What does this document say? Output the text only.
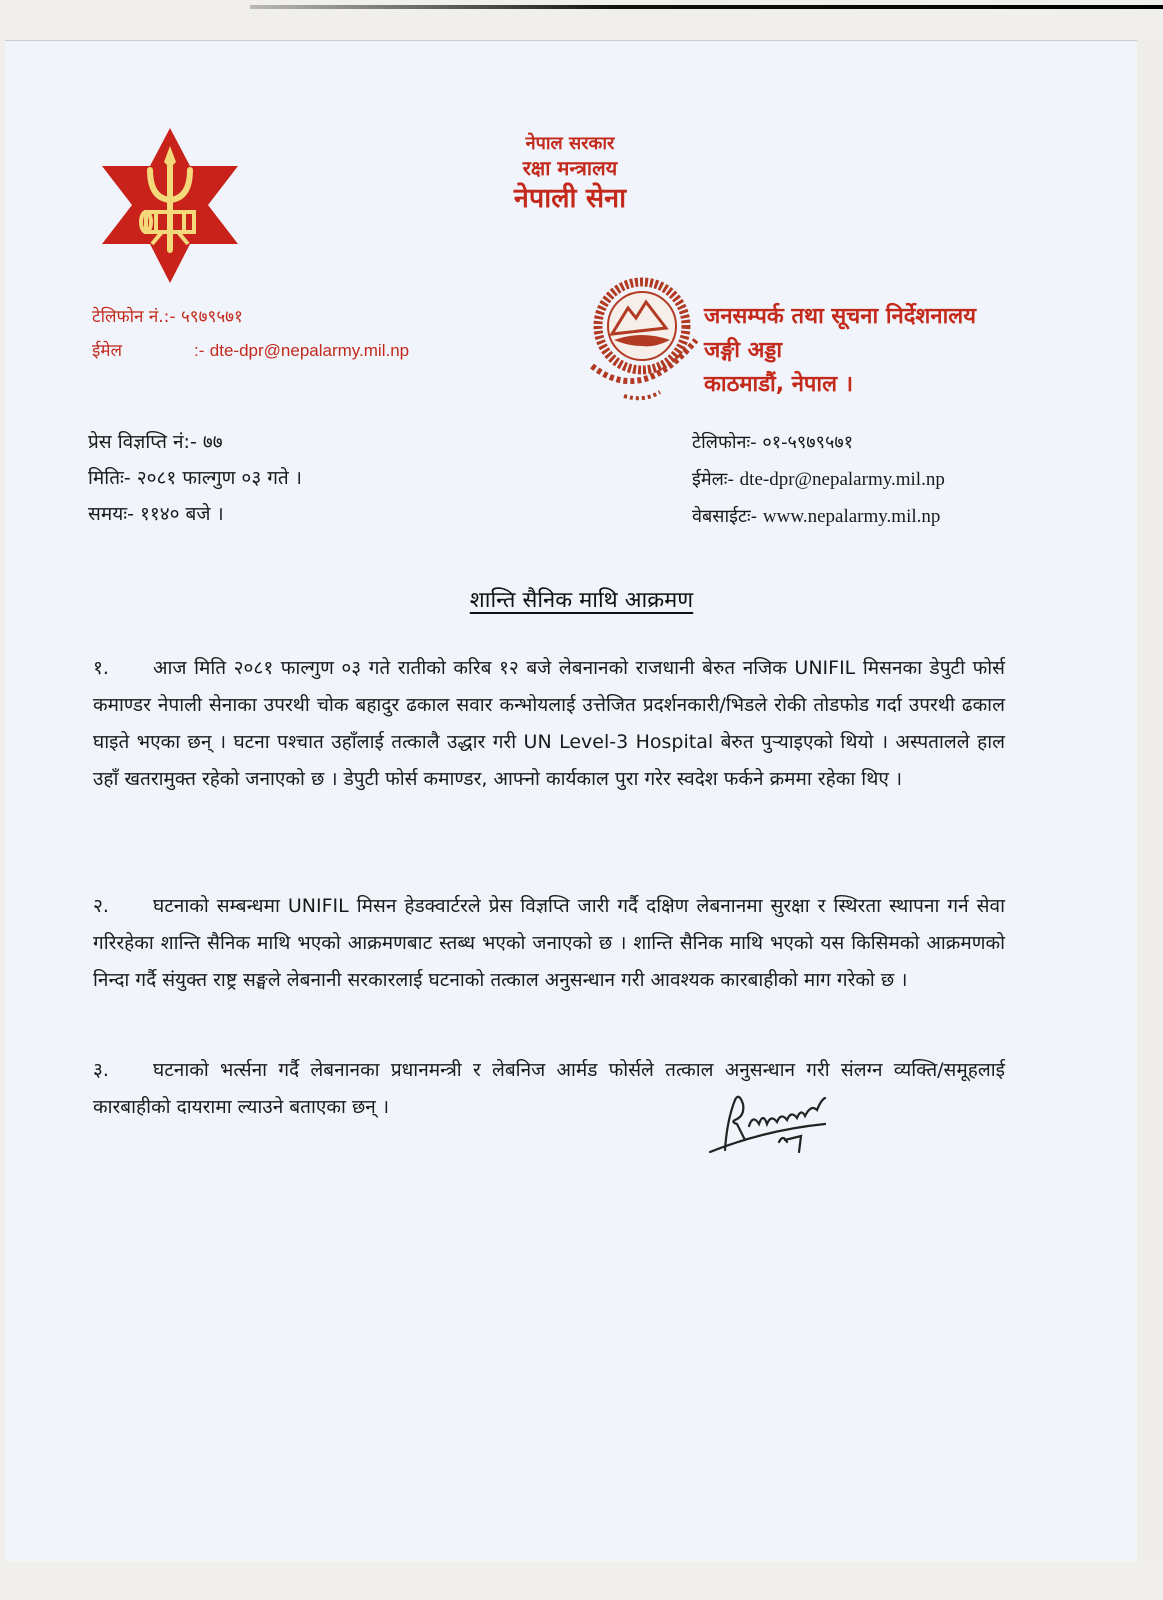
नेपाल सरकार
रक्षा मन्त्रालय
नेपाली सेना
टेलिफोन नं.:-
५९७९५७१
ईमेल	:-
dte-dpr@nepalarmy.mil.np
जनसम्पर्क तथा सूचना निर्देशनालय
जङ्गी अड्डा
काठमाडौं, नेपाल ।
प्रेस विज्ञप्ति नं:- ७७
मितिः- २०८१ फाल्गुण ०३ गते ।
समयः- ११४० बजे ।
टेलिफोनः- ०१-५९७९५७१
ईमेलः- dte-dpr@nepalarmy.mil.np
वेबसाईटः- www.nepalarmy.mil.np
शान्ति सैनिक माथि आक्रमण
१. आज मिति २०८१ फाल्गुण ०३ गते रातीको करिब १२ बजे लेबनानको राजधानी बेरुत नजिक UNIFIL मिसनका डेपुटी फोर्स कमाण्डर नेपाली सेनाका उपरथी चोक बहादुर ढकाल सवार कन्भोयलाई उत्तेजित प्रदर्शनकारी/भिडले रोकी तोडफोड गर्दा उपरथी ढकाल घाइते भएका छन् । घटना पश्चात उहाँलाई तत्कालै उद्धार गरी UN Level-3 Hospital बेरुत पुऱ्याइएको थियो । अस्पतालले हाल उहाँ खतरामुक्त रहेको जनाएको छ । डेपुटी फोर्स कमाण्डर, आफ्नो कार्यकाल पुरा गरेर स्वदेश फर्कने क्रममा रहेका थिए ।
२. घटनाको सम्बन्धमा UNIFIL मिसन हेडक्वार्टरले प्रेस विज्ञप्ति जारी गर्दै दक्षिण लेबनानमा सुरक्षा र स्थिरता स्थापना गर्न सेवा गरिरहेका शान्ति सैनिक माथि भएको आक्रमणबाट स्तब्ध भएको जनाएको छ । शान्ति सैनिक माथि भएको यस किसिमको आक्रमणको निन्दा गर्दै संयुक्त राष्ट्र सङ्घले लेबनानी सरकारलाई घटनाको तत्काल अनुसन्धान गरी आवश्यक कारबाहीको माग गरेको छ ।
३. घटनाको भर्त्सना गर्दै लेबनानका प्रधानमन्त्री र लेबनिज आर्मड फोर्सले तत्काल अनुसन्धान गरी संलग्न व्यक्ति/समूहलाई कारबाहीको दायरामा ल्याउने बताएका छन् ।
